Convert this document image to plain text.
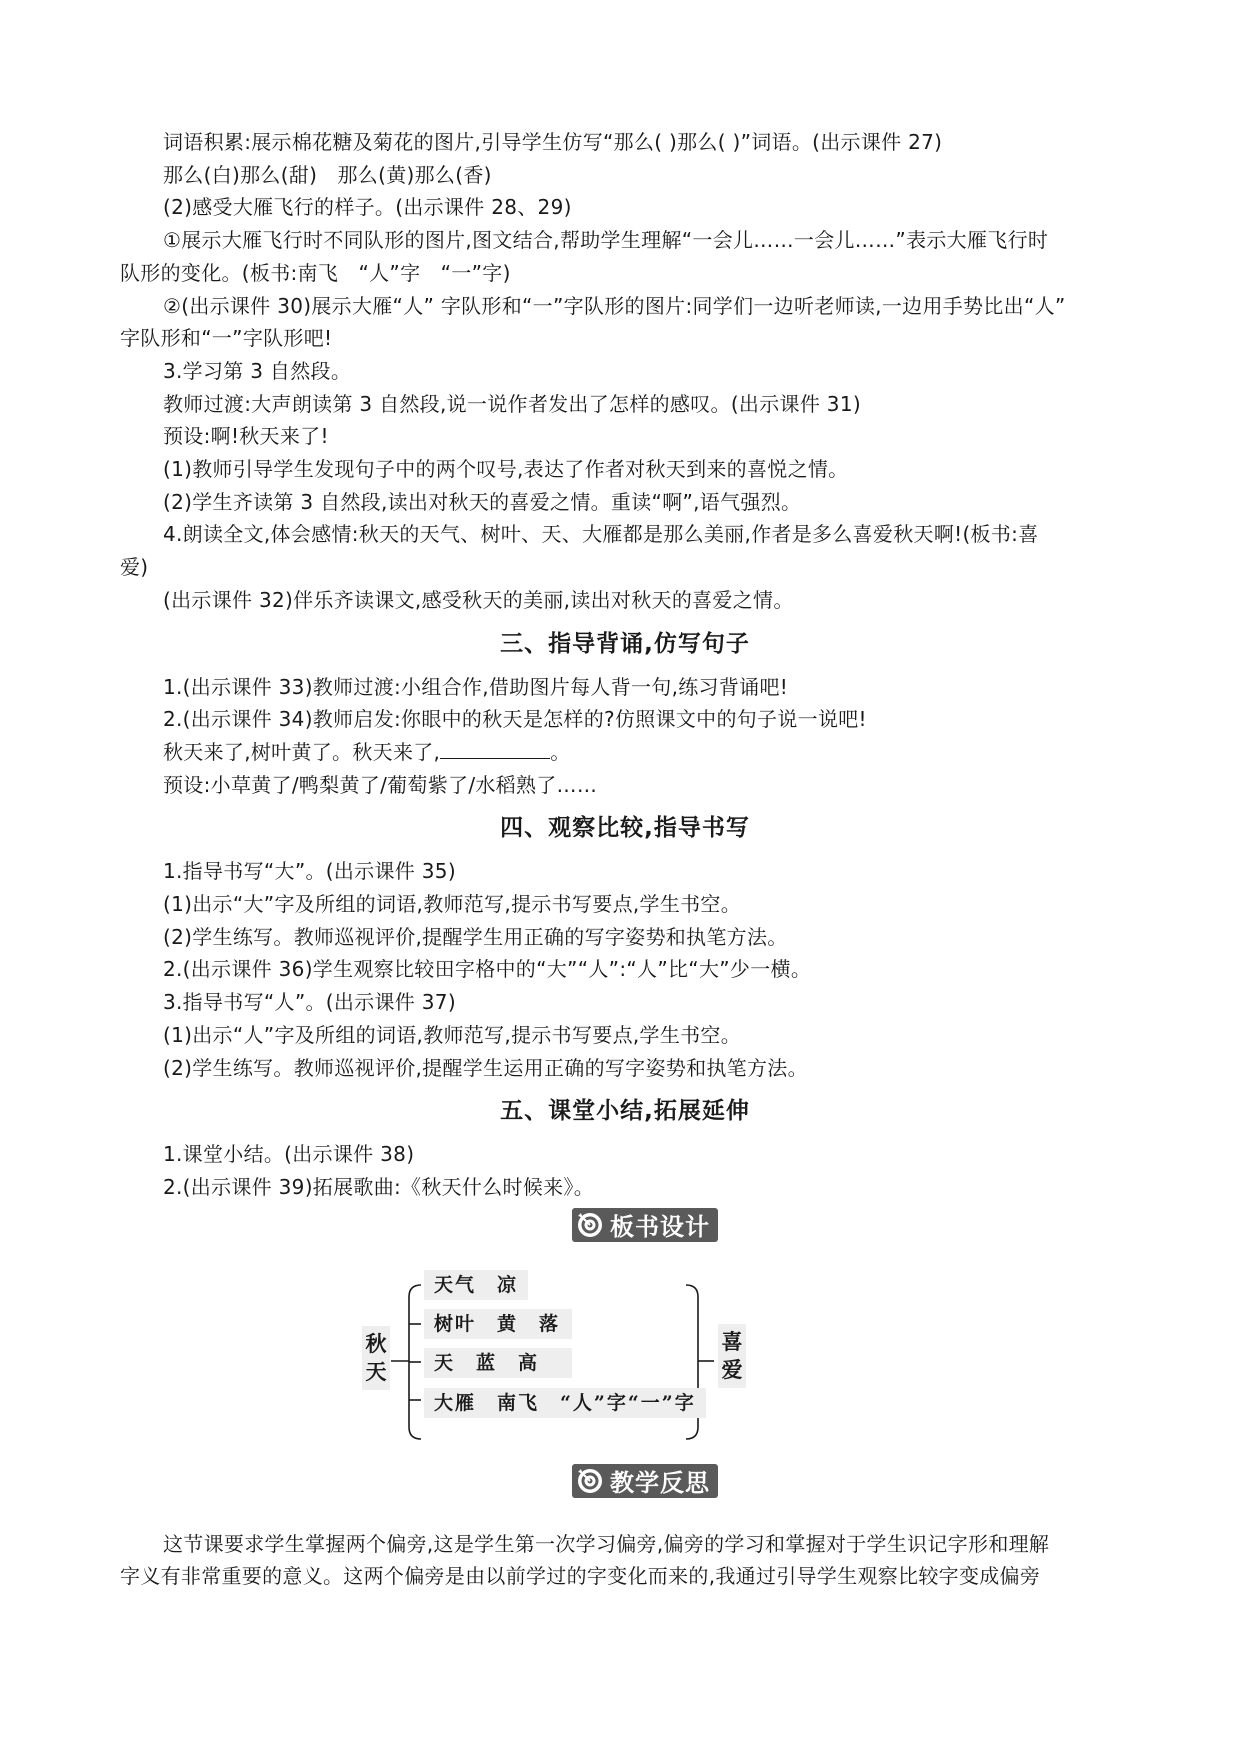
词语积累:展示棉花糖及菊花的图片,引导学生仿写“那么( )那么( )”词语。(出示课件 27)

那么(白)那么(甜)　那么(黄)那么(香)

(2)感受大雁飞行的样子。(出示课件 28、29)

①展示大雁飞行时不同队形的图片,图文结合,帮助学生理解“一会儿……一会儿……”表示大雁飞行时

队形的变化。(板书:南飞　“人”字　“一”字)

②(出示课件 30)展示大雁“人” 字队形和“一”字队形的图片:同学们一边听老师读,一边用手势比出“人”

字队形和“一”字队形吧!

3.学习第 3 自然段。

教师过渡:大声朗读第 3 自然段,说一说作者发出了怎样的感叹。(出示课件 31)

预设:啊!秋天来了!

(1)教师引导学生发现句子中的两个叹号,表达了作者对秋天到来的喜悦之情。

(2)学生齐读第 3 自然段,读出对秋天的喜爱之情。重读“啊”,语气强烈。

4.朗读全文,体会感情:秋天的天气、树叶、天、大雁都是那么美丽,作者是多么喜爱秋天啊!(板书:喜

爱)

(出示课件 32)伴乐齐读课文,感受秋天的美丽,读出对秋天的喜爱之情。

三、指导背诵,仿写句子

1.(出示课件 33)教师过渡:小组合作,借助图片每人背一句,练习背诵吧!

2.(出示课件 34)教师启发:你眼中的秋天是怎样的?仿照课文中的句子说一说吧!

秋天来了,树叶黄了。秋天来了,	。

预设:小草黄了/鸭梨黄了/葡萄紫了/水稻熟了……

四、观察比较,指导书写

1.指导书写“大”。(出示课件 35)

(1)出示“大”字及所组的词语,教师范写,提示书写要点,学生书空。

(2)学生练写。教师巡视评价,提醒学生用正确的写字姿势和执笔方法。

2.(出示课件 36)学生观察比较田字格中的“大”“人”:“人”比“大”少一横。

3.指导书写“人”。(出示课件 37)

(1)出示“人”字及所组的词语,教师范写,提示书写要点,学生书空。

(2)学生练写。教师巡视评价,提醒学生运用正确的写字姿势和执笔方法。

五、课堂小结,拓展延伸

1.课堂小结。(出示课件 38)

2.(出示课件 39)拓展歌曲:《秋天什么时候来》。

板书设计
秋
天
天气　凉
树叶　黄　落
天　蓝　高
大雁　南飞　“人”字“一”字
喜
爱
教学反思

这节课要求学生掌握两个偏旁,这是学生第一次学习偏旁,偏旁的学习和掌握对于学生识记字形和理解

字义有非常重要的意义。这两个偏旁是由以前学过的字变化而来的,我通过引导学生观察比较字变成偏旁
